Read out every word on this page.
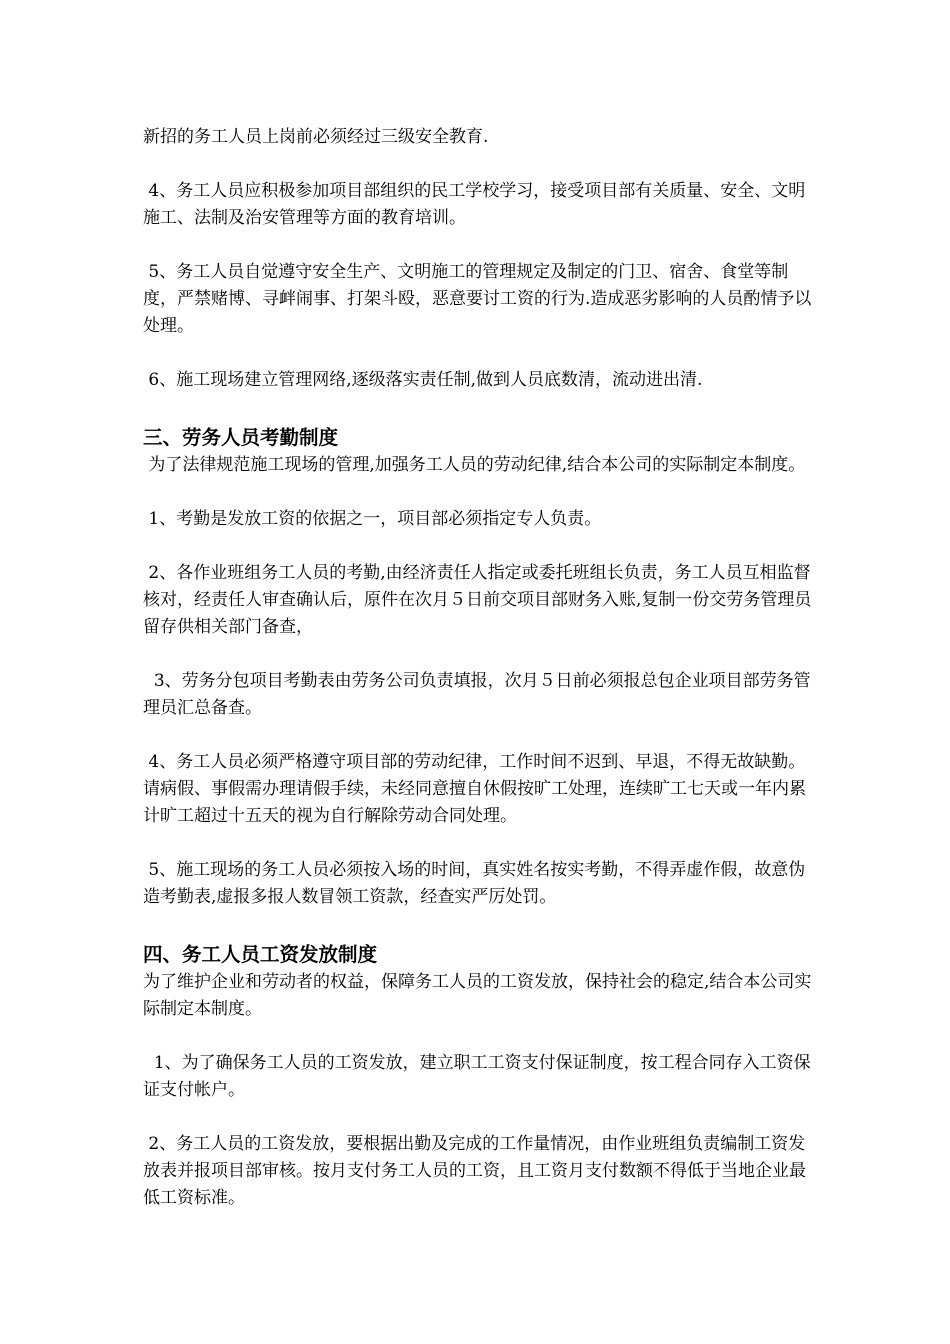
新招的务工人员上岗前必须经过三级安全教育.

4、务工人员应积极参加项目部组织的民工学校学习，接受项目部有关质量、安全、文明施工、法制及治安管理等方面的教育培训。

5、务工人员自觉遵守安全生产、文明施工的管理规定及制定的门卫、宿舍、食堂等制度，严禁赌博、寻衅闹事、打架斗殴，恶意要讨工资的行为.造成恶劣影响的人员酌情予以处理。

6、施工现场建立管理网络,逐级落实责任制,做到人员底数清，流动进出清.

三、劳务人员考勤制度

为了法律规范施工现场的管理,加强务工人员的劳动纪律,结合本公司的实际制定本制度。

1、考勤是发放工资的依据之一，项目部必须指定专人负责。

2、各作业班组务工人员的考勤,由经济责任人指定或委托班组长负责，务工人员互相监督核对，经责任人审查确认后，原件在次月５日前交项目部财务入账,复制一份交劳务管理员留存供相关部门备查，

3、劳务分包项目考勤表由劳务公司负责填报，次月５日前必须报总包企业项目部劳务管理员汇总备查。

4、务工人员必须严格遵守项目部的劳动纪律，工作时间不迟到、早退，不得无故缺勤。请病假、事假需办理请假手续，未经同意擅自休假按旷工处理，连续旷工七天或一年内累计旷工超过十五天的视为自行解除劳动合同处理。

5、施工现场的务工人员必须按入场的时间，真实姓名按实考勤，不得弄虚作假，故意伪造考勤表,虚报多报人数冒领工资款，经查实严厉处罚。

四、务工人员工资发放制度

为了维护企业和劳动者的权益，保障务工人员的工资发放，保持社会的稳定,结合本公司实际制定本制度。

1、为了确保务工人员的工资发放，建立职工工资支付保证制度，按工程合同存入工资保证支付帐户。

2、务工人员的工资发放，要根据出勤及完成的工作量情况，由作业班组负责编制工资发放表并报项目部审核。按月支付务工人员的工资，且工资月支付数额不得低于当地企业最低工资标准。
